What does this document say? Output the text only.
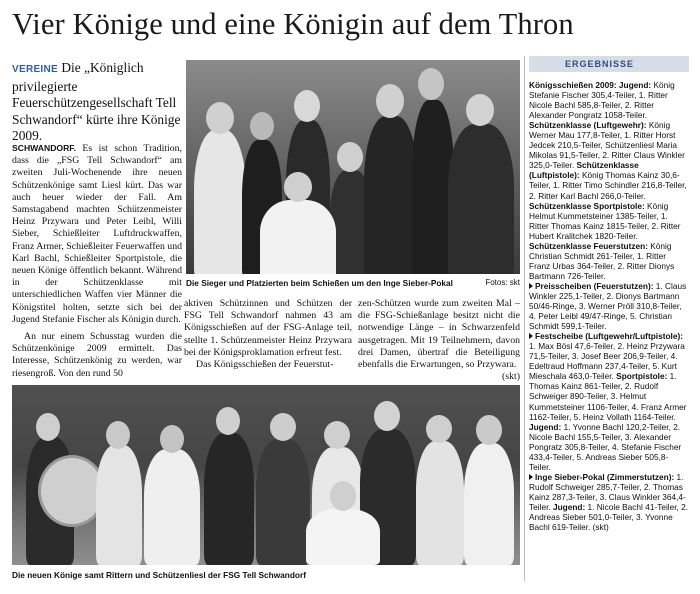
Vier Könige und eine Königin auf dem Thron
VEREINE Die „Königlich privilegierte Feuerschützengesellschaft Tell Schwandorf“ kürte ihre Könige 2009.

SCHWANDORF. Es ist schon Tradition, dass die „FSG Tell Schwandorf“ am zweiten Juli-Wochenende ihre neuen Schützenkönige samt Liesl kürt. Das war auch heuer wieder der Fall. Am Samstagabend machten Schützenmeister Heinz Przywara und Peter Leibl, Willi Sieber, Schießleiter Luftdruckwaffen, Franz Armer, Schießleiter Feuerwaffen und Karl Bachl, Schießleiter Sportpistole, die neuen Könige öffentlich bekannt. Während in der Schützenklasse mit unterschiedlichen Waffen vier Männer die Königstitel holten, setzte sich bei der Jugend Stefanie Fischer als Königin durch.

An nur einem Schusstag wurden die Schützenkönige 2009 ermittelt. Das Interesse, Schützenkönig zu werden, war riesengroß. Von den rund 50

aktiven Schützinnen und Schützen der FSG Tell Schwandorf nahmen 43 am Königsschießen auf der FSG-Anlage teil, stellte 1. Schützenmeister Heinz Przywara bei der Königsproklamation erfreut fest.
Das Königsschießen der Feuerstut-
zen-Schützen wurde zum zweiten Mal – die FSG-Schießanlage besitzt nicht die notwendige Länge – in Schwarzenfeld ausgetragen. Mit 19 Teilnehmern, davon drei Damen, übertraf die Beteiligung ebenfalls die Erwartungen, so Przywara.
(skt)
Die Sieger und Platzierten beim Schießen um den Inge Sieber-Pokal	Fotos: skt
Die neuen Könige samt Rittern und Schützenliesl der FSG Tell Schwandorf
ERGEBNISSE
Königsschießen 2009: Jugend: König Stefanie Fischer 305,4-Teiler, 1. Ritter Nicole Bachl 585,8-Teiler, 2. Ritter Alexander Pongratz 1058-Teiler. Schützenklasse (Luftgewehr): König Werner Mau 177,8-Teiler, 1. Ritter Horst Jedcek 210,5-Teiler, Schützenliesl Maria Mikolas 91,5-Teiler, 2. Ritter Claus Winkler 325,0-Teiler. Schützenklasse (Luftpistole): König Thomas Kainz 30,6-Teiler, 1. Ritter Timo Schindler 216,8-Teiler, 2. Ritter Karl Bachl 266,0-Teiler. Schützenklasse Sportpistole: König Helmut Kummetsteiner 1385-Teiler, 1. Ritter Thomas Kainz 1815-Teiler, 2. Ritter Hubert Kralitchek 1820-Teiler. Schützenklasse Feuerstutzen: König Christian Schmidt 261-Teiler, 1. Ritter Franz Urbas 364-Teiler, 2. Ritter Dionys Bartmann 726-Teiler.
Preisscheiben (Feuerstutzen): 1. Claus Winkler 225,1-Teiler, 2. Dionys Bartmann 50/46-Ringe, 3. Werner Pröll 310,8-Teiler, 4. Peter Leibl 49/47-Ringe, 5. Christian Schmidt 599,1-Teiler.
Festscheibe (Luftgewehr/Luftpistole): 1. Max Bösl 47,6-Teiler, 2. Heinz Przywara 71,5-Teiler, 3. Josef Beer 206,9-Teiler, 4. Edeltraud Hoffmann 237,4-Teiler, 5. Kurt Mieschala 463,0-Teiler. Sportpistole: 1. Thomas Kainz 861-Teiler, 2. Rudolf Schweiger 890-Teiler, 3. Helmut Kummetsteiner 1106-Teiler, 4. Franz Armer 1162-Teiler, 5. Heinz Vollath 1164-Teiler. Jugend: 1. Yvonne Bachl 120,2-Teiler, 2. Nicole Bachl 155,5-Teiler, 3. Alexander Pongratz 305,8-Teiler, 4. Stefanie Fischer 433,4-Teiler, 5. Andreas Sieber 505,8-Teiler.
Inge Sieber-Pokal (Zimmerstutzen): 1. Rudolf Schweiger 285,7-Teiler, 2. Thomas Kainz 287,3-Teiler, 3. Claus Winkler 364,4-Teiler. Jugend: 1. Nicole Bachl 41-Teiler, 2. Andreas Sieber 501,0-Teiler, 3. Yvonne Bachl 619-Teiler. (skt)
